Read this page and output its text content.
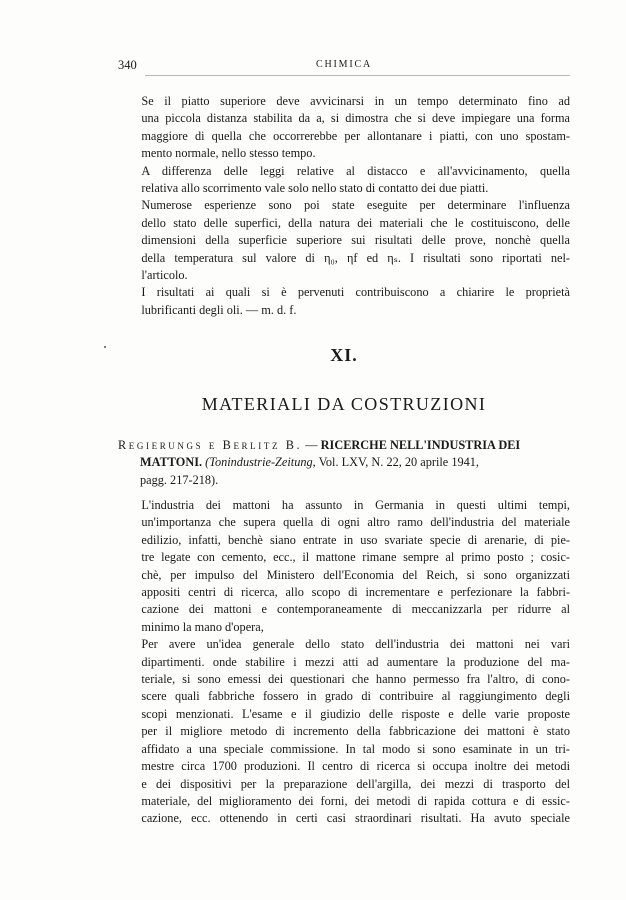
340	CHIMICA

Se il piatto superiore deve avvicinarsi in un tempo determinato fino ad
una piccola distanza stabilita da a, si dimostra che si deve impiegare una forma
maggiore di quella che occorrerebbe per allontanare i piatti, con uno spostam-
mento normale, nello stesso tempo.

A differenza delle leggi relative al distacco e all'avvicinamento, quella
relativa allo scorrimento vale solo nello stato di contatto dei due piatti.

Numerose esperienze sono poi state eseguite per determinare l'influenza
dello stato delle superfici, della natura dei materiali che le costituiscono, delle
dimensioni della superficie superiore sui risultati delle prove, nonchè quella
della temperatura sul valore di η₀, ηf ed ηₛ. I risultati sono riportati nel-
l'articolo.

I risultati ai quali si è pervenuti contribuiscono a chiarire le proprietà
lubrificanti degli oli. — m. d. f.

XI.
MATERIALI DA COSTRUZIONI
Regierungs e Berlitz B. — RICERCHE NELL'INDUSTRIA DEI
MATTONI. (Tonindustrie-Zeitung, Vol. LXV, N. 22, 20 aprile 1941,
pagg. 217-218).

L'industria dei mattoni ha assunto in Germania in questi ultimi tempi,
un'importanza che supera quella di ogni altro ramo dell'industria del materiale
edilizio, infatti, benchè siano entrate in uso svariate specie di arenarie, di pie-
tre legate con cemento, ecc., il mattone rimane sempre al primo posto ; cosic-
chè, per impulso del Ministero dell'Economia del Reich, si sono organizzati
appositi centri di ricerca, allo scopo di incrementare e perfezionare la fabbri-
cazione dei mattoni e contemporaneamente di meccanizzarla per ridurre al
minimo la mano d'opera,

Per avere un'idea generale dello stato dell'industria dei mattoni nei vari
dipartimenti. onde stabilire i mezzi atti ad aumentare la produzione del ma-
teriale, si sono emessi dei questionari che hanno permesso fra l'altro, di cono-
scere quali fabbriche fossero in grado di contribuire al raggiungimento degli
scopi menzionati. L'esame e il giudizio delle risposte e delle varie proposte
per il migliore metodo di incremento della fabbricazione dei mattoni è stato
affidato a una speciale commissione. In tal modo si sono esaminate in un tri-
mestre circa 1700 produzioni. Il centro di ricerca si occupa inoltre dei metodi
e dei dispositivi per la preparazione dell'argilla, dei mezzi di trasporto del
materiale, del miglioramento dei forni, dei metodi di rapida cottura e di essic-
cazione, ecc. ottenendo in certi casi straordinari risultati. Ha avuto speciale
